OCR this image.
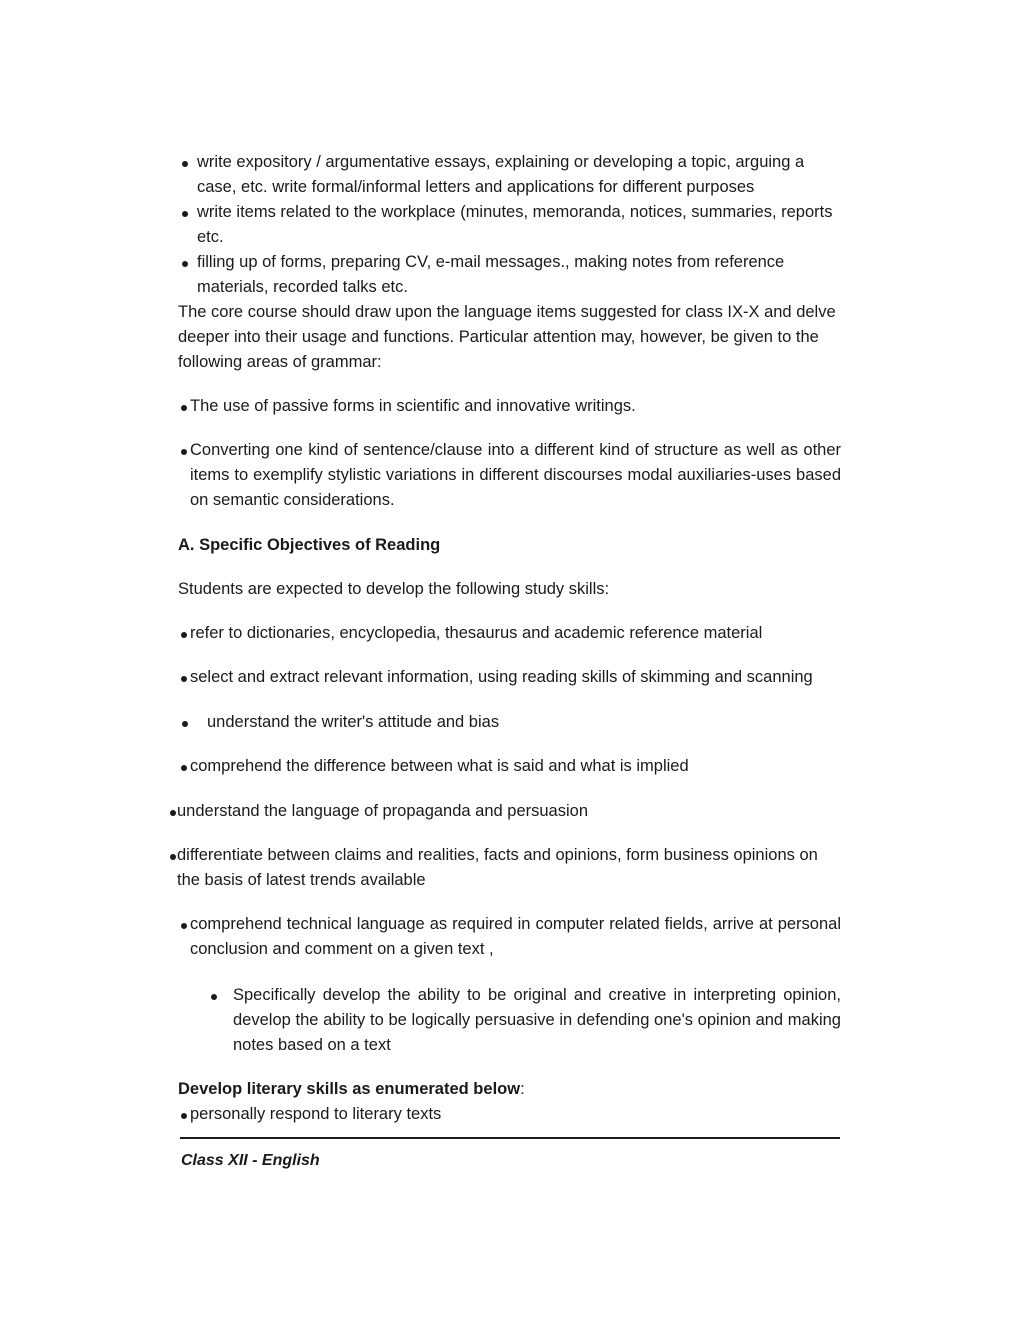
write expository / argumentative essays, explaining or developing a topic, arguing a case, etc. write formal/informal letters and applications for different purposes
write items related to the workplace (minutes, memoranda, notices, summaries, reports etc.
filling up of forms, preparing CV, e-mail messages., making notes from reference materials, recorded talks etc.
The core course should draw upon the language items suggested for class IX-X and delve deeper into their usage and functions. Particular attention may, however, be given to the following areas of grammar:
The use of passive forms in scientific and innovative writings.
Converting one kind of sentence/clause into a different kind of structure as well as other items to exemplify stylistic variations in different discourses modal auxiliaries-uses based on semantic considerations.
A. Specific Objectives of Reading
Students are expected to develop the following study skills:
refer to dictionaries, encyclopedia, thesaurus and academic reference material
select and extract relevant information, using reading skills of skimming and scanning
understand the writer's attitude and bias
comprehend the difference between what is said and what is implied
understand the language of propaganda and persuasion
differentiate between claims and realities, facts and opinions, form business opinions on the basis of latest trends available
comprehend technical language as required in computer related fields, arrive at personal conclusion and comment on a given text ,
Specifically develop the ability to be original and creative in interpreting opinion, develop the ability to be logically persuasive in defending one's opinion and making notes based on a text
Develop literary skills as enumerated below:
personally respond to literary texts
Class XII - English
